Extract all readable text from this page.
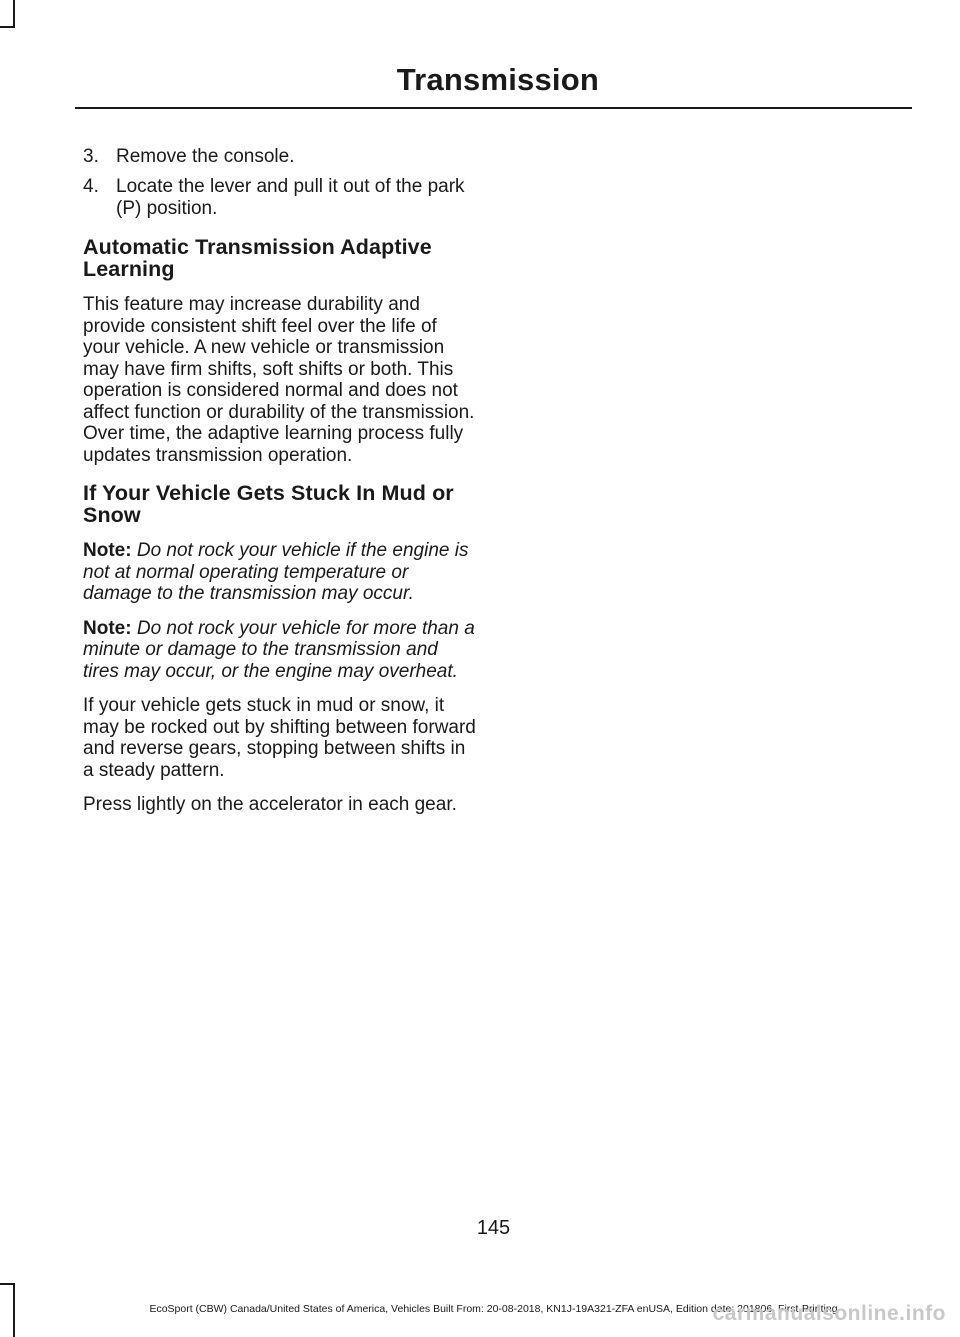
Transmission
3. Remove the console.
4. Locate the lever and pull it out of the park (P) position.
Automatic Transmission Adaptive Learning

This feature may increase durability and provide consistent shift feel over the life of your vehicle. A new vehicle or transmission may have firm shifts, soft shifts or both. This operation is considered normal and does not affect function or durability of the transmission. Over time, the adaptive learning process fully updates transmission operation.

If Your Vehicle Gets Stuck In Mud or Snow

Note: Do not rock your vehicle if the engine is not at normal operating temperature or damage to the transmission may occur.

Note: Do not rock your vehicle for more than a minute or damage to the transmission and tires may occur, or the engine may overheat.

If your vehicle gets stuck in mud or snow, it may be rocked out by shifting between forward and reverse gears, stopping between shifts in a steady pattern.

Press lightly on the accelerator in each gear.

145
EcoSport (CBW) Canada/United States of America, Vehicles Built From: 20-08-2018, KN1J-19A321-ZFA enUSA, Edition date: 201806, First-Printing
carmanualsonline.info
